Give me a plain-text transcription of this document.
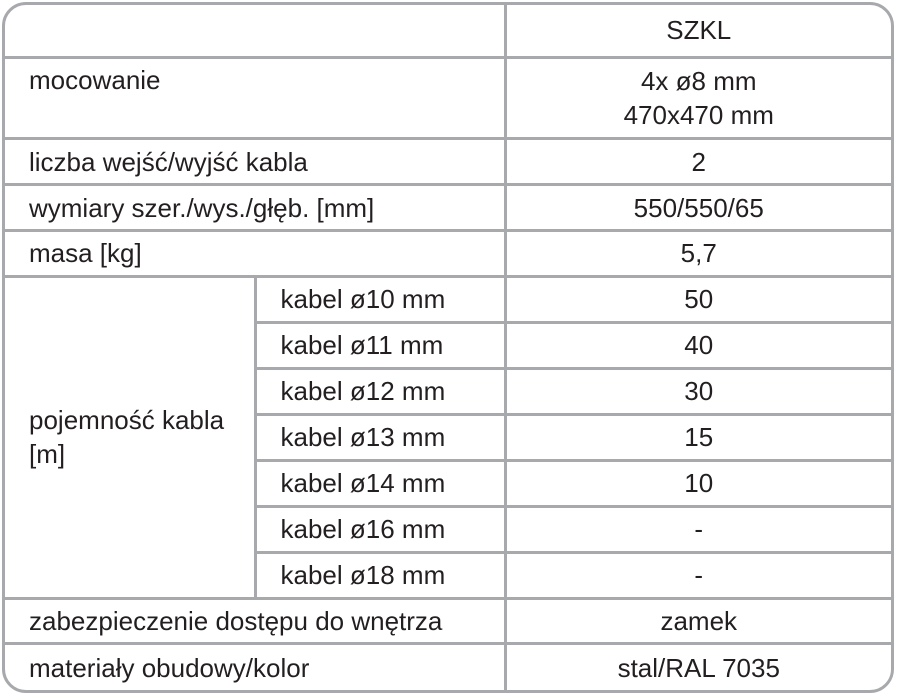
		SZKL
mocowanie		4x ø8 mm
470x470 mm

liczba wejść/wyjść kabla		2
wymiary szer./wys./głęb. [mm]		550/550/65
masa [kg]		5,7

pojemność kabla
[m]	kabel ø10 mm	50
	kabel ø11 mm	40
	kabel ø12 mm	30
	kabel ø13 mm	15
	kabel ø14 mm	10
	kabel ø16 mm	-
	kabel ø18 mm	-
zabezpieczenie dostępu do wnętrza		zamek
materiały obudowy/kolor		stal/RAL 7035
